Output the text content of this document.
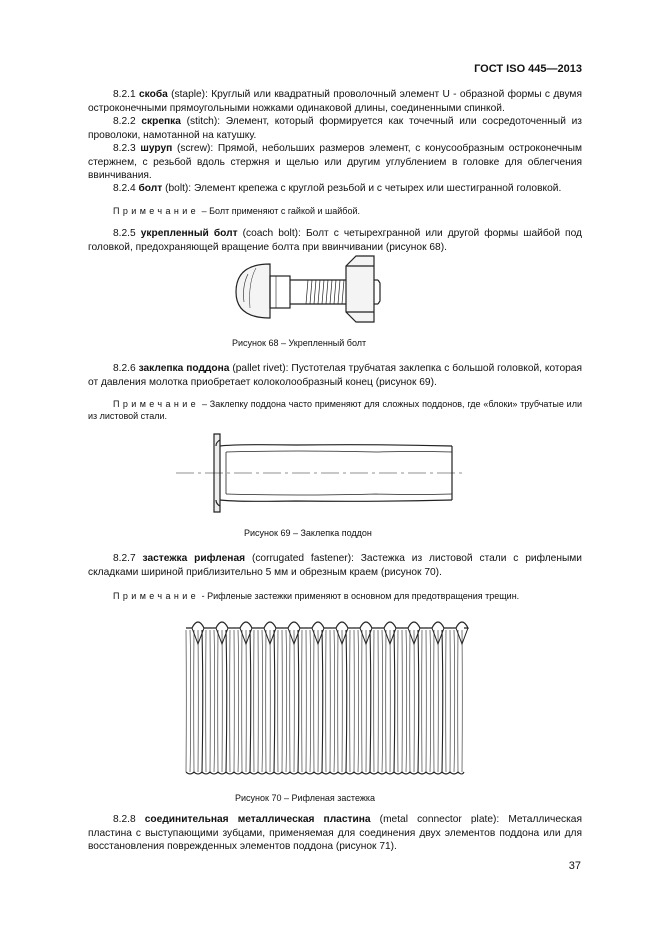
ГОСТ ISO 445—2013

8.2.1 скоба (staple): Круглый или квадратный проволочный элемент U - образной формы с двумя остроконечными прямоугольными ножками одинаковой длины, соединенными спинкой.

8.2.2 скрепка (stitch): Элемент, который формируется как точечный или сосредоточенный из проволоки, намотанной на катушку.

8.2.3 шуруп (screw): Прямой, небольших размеров элемент, с конусообразным остроконечным стержнем, с резьбой вдоль стержня и щелью или другим углублением в головке для облегчения ввинчивания.

8.2.4 болт (bolt): Элемент крепежа с круглой резьбой и с четырех или шестигранной головкой.

Примечание – Болт применяют с гайкой и шайбой.

8.2.5 укрепленный болт (coach bolt): Болт с четырехгранной или другой формы шайбой под головкой, предохраняющей вращение болта при ввинчивании (рисунок 68).

Рисунок 68 – Укрепленный болт

8.2.6 заклепка поддона (pallet rivet): Пустотелая трубчатая заклепка с большой головкой, которая от давления молотка приобретает колоколообразный конец (рисунок 69).

Примечание – Заклепку поддона часто применяют для сложных поддонов, где «блоки» трубчатые или из листовой стали.

Рисунок 69 – Заклепка поддон

8.2.7 застежка рифленая (corrugated fastener): Застежка из листовой стали с рифлеными складками шириной приблизительно 5 мм и обрезным краем (рисунок 70).

Примечание - Рифленые застежки применяют в основном для предотвращения трещин.

Рисунок 70 – Рифленая застежка

8.2.8 соединительная металлическая пластина (metal connector plate): Металлическая пластина с выступающими зубцами, применяемая для соединения двух элементов поддона или для восстановления поврежденных элементов поддона (рисунок 71).

37
